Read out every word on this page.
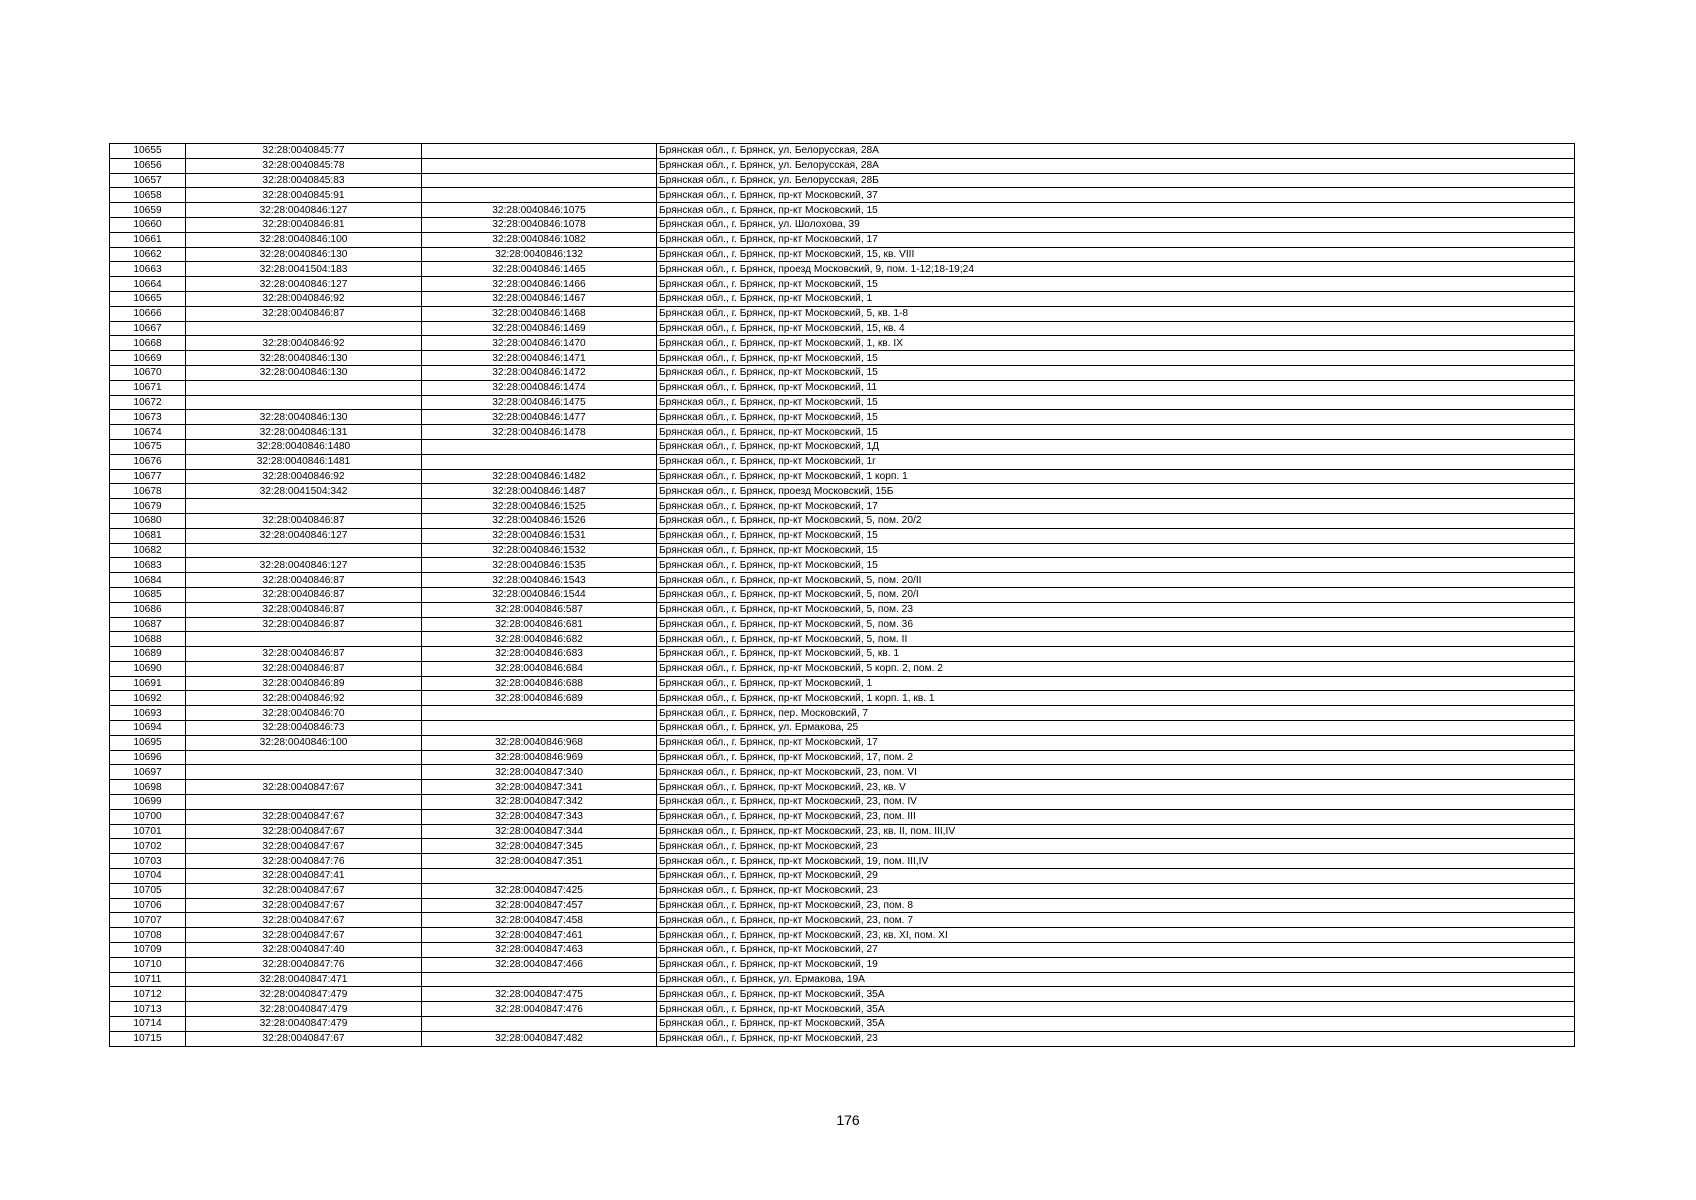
10655	32:28:0040845:77		Брянская обл., г. Брянск, ул. Белорусская, 28А
10656	32:28:0040845:78		Брянская обл., г. Брянск, ул. Белорусская, 28А
10657	32:28:0040845:83		Брянская обл., г. Брянск, ул. Белорусская, 28Б
10658	32:28:0040845:91		Брянская обл., г. Брянск, пр-кт Московский, 37
10659	32:28:0040846:127	32:28:0040846:1075	Брянская обл., г. Брянск, пр-кт Московский, 15
10660	32:28:0040846:81	32:28:0040846:1078	Брянская обл., г. Брянск, ул. Шолохова, 39
10661	32:28:0040846:100	32:28:0040846:1082	Брянская обл., г. Брянск, пр-кт Московский, 17
10662	32:28:0040846:130	32:28:0040846:132	Брянская обл., г. Брянск, пр-кт Московский, 15, кв. VIII
10663	32:28:0041504:183	32:28:0040846:1465	Брянская обл., г. Брянск, проезд Московский, 9, пом. 1-12;18-19;24
10664	32:28:0040846:127	32:28:0040846:1466	Брянская обл., г. Брянск, пр-кт Московский, 15
10665	32:28:0040846:92	32:28:0040846:1467	Брянская обл., г. Брянск, пр-кт Московский, 1
10666	32:28:0040846:87	32:28:0040846:1468	Брянская обл., г. Брянск, пр-кт Московский, 5, кв. 1-8
10667		32:28:0040846:1469	Брянская обл., г. Брянск, пр-кт Московский, 15, кв. 4
10668	32:28:0040846:92	32:28:0040846:1470	Брянская обл., г. Брянск, пр-кт Московский, 1, кв. IX
10669	32:28:0040846:130	32:28:0040846:1471	Брянская обл., г. Брянск, пр-кт Московский, 15
10670	32:28:0040846:130	32:28:0040846:1472	Брянская обл., г. Брянск, пр-кт Московский, 15
10671		32:28:0040846:1474	Брянская обл., г. Брянск, пр-кт Московский, 11
10672		32:28:0040846:1475	Брянская обл., г. Брянск, пр-кт Московский, 15
10673	32:28:0040846:130	32:28:0040846:1477	Брянская обл., г. Брянск, пр-кт Московский, 15
10674	32:28:0040846:131	32:28:0040846:1478	Брянская обл., г. Брянск, пр-кт Московский, 15
10675	32:28:0040846:1480		Брянская обл., г. Брянск, пр-кт Московский, 1Д
10676	32:28:0040846:1481		Брянская обл., г. Брянск, пр-кт Московский, 1г
10677	32:28:0040846:92	32:28:0040846:1482	Брянская обл., г. Брянск, пр-кт Московский, 1 корп. 1
10678	32:28:0041504:342	32:28:0040846:1487	Брянская обл., г. Брянск, проезд Московский, 15Б
10679		32:28:0040846:1525	Брянская обл., г. Брянск, пр-кт Московский, 17
10680	32:28:0040846:87	32:28:0040846:1526	Брянская обл., г. Брянск, пр-кт Московский, 5, пом. 20/2
10681	32:28:0040846:127	32:28:0040846:1531	Брянская обл., г. Брянск, пр-кт Московский, 15
10682		32:28:0040846:1532	Брянская обл., г. Брянск, пр-кт Московский, 15
10683	32:28:0040846:127	32:28:0040846:1535	Брянская обл., г. Брянск, пр-кт Московский, 15
10684	32:28:0040846:87	32:28:0040846:1543	Брянская обл., г. Брянск, пр-кт Московский, 5, пом. 20/II
10685	32:28:0040846:87	32:28:0040846:1544	Брянская обл., г. Брянск, пр-кт Московский, 5, пом. 20/I
10686	32:28:0040846:87	32:28:0040846:587	Брянская обл., г. Брянск, пр-кт Московский, 5, пом. 23
10687	32:28:0040846:87	32:28:0040846:681	Брянская обл., г. Брянск, пр-кт Московский, 5, пом. 36
10688		32:28:0040846:682	Брянская обл., г. Брянск, пр-кт Московский, 5, пом. II
10689	32:28:0040846:87	32:28:0040846:683	Брянская обл., г. Брянск, пр-кт Московский, 5, кв. 1
10690	32:28:0040846:87	32:28:0040846:684	Брянская обл., г. Брянск, пр-кт Московский, 5 корп. 2, пом. 2
10691	32:28:0040846:89	32:28:0040846:688	Брянская обл., г. Брянск, пр-кт Московский, 1
10692	32:28:0040846:92	32:28:0040846:689	Брянская обл., г. Брянск, пр-кт Московский, 1 корп. 1, кв. 1
10693	32:28:0040846:70		Брянская обл., г. Брянск, пер. Московский, 7
10694	32:28:0040846:73		Брянская обл., г. Брянск, ул. Ермакова, 25
10695	32:28:0040846:100	32:28:0040846:968	Брянская обл., г. Брянск, пр-кт Московский, 17
10696		32:28:0040846:969	Брянская обл., г. Брянск, пр-кт Московский, 17, пом. 2
10697		32:28:0040847:340	Брянская обл., г. Брянск, пр-кт Московский, 23, пом. VI
10698	32:28:0040847:67	32:28:0040847:341	Брянская обл., г. Брянск, пр-кт Московский, 23, кв. V
10699		32:28:0040847:342	Брянская обл., г. Брянск, пр-кт Московский, 23, пом. IV
10700	32:28:0040847:67	32:28:0040847:343	Брянская обл., г. Брянск, пр-кт Московский, 23, пом. III
10701	32:28:0040847:67	32:28:0040847:344	Брянская обл., г. Брянск, пр-кт Московский, 23, кв. II, пом. III,IV
10702	32:28:0040847:67	32:28:0040847:345	Брянская обл., г. Брянск, пр-кт Московский, 23
10703	32:28:0040847:76	32:28:0040847:351	Брянская обл., г. Брянск, пр-кт Московский, 19, пом. III,IV
10704	32:28:0040847:41		Брянская обл., г. Брянск, пр-кт Московский, 29
10705	32:28:0040847:67	32:28:0040847:425	Брянская обл., г. Брянск, пр-кт Московский, 23
10706	32:28:0040847:67	32:28:0040847:457	Брянская обл., г. Брянск, пр-кт Московский, 23, пом. 8
10707	32:28:0040847:67	32:28:0040847:458	Брянская обл., г. Брянск, пр-кт Московский, 23, пом. 7
10708	32:28:0040847:67	32:28:0040847:461	Брянская обл., г. Брянск, пр-кт Московский, 23, кв. XI, пом. XI
10709	32:28:0040847:40	32:28:0040847:463	Брянская обл., г. Брянск, пр-кт Московский, 27
10710	32:28:0040847:76	32:28:0040847:466	Брянская обл., г. Брянск, пр-кт Московский, 19
10711	32:28:0040847:471		Брянская обл., г. Брянск, ул. Ермакова, 19А
10712	32:28:0040847:479	32:28:0040847:475	Брянская обл., г. Брянск, пр-кт Московский, 35А
10713	32:28:0040847:479	32:28:0040847:476	Брянская обл., г. Брянск, пр-кт Московский, 35А
10714	32:28:0040847:479		Брянская обл., г. Брянск, пр-кт Московский, 35А
10715	32:28:0040847:67	32:28:0040847:482	Брянская обл., г. Брянск, пр-кт Московский, 23
176
